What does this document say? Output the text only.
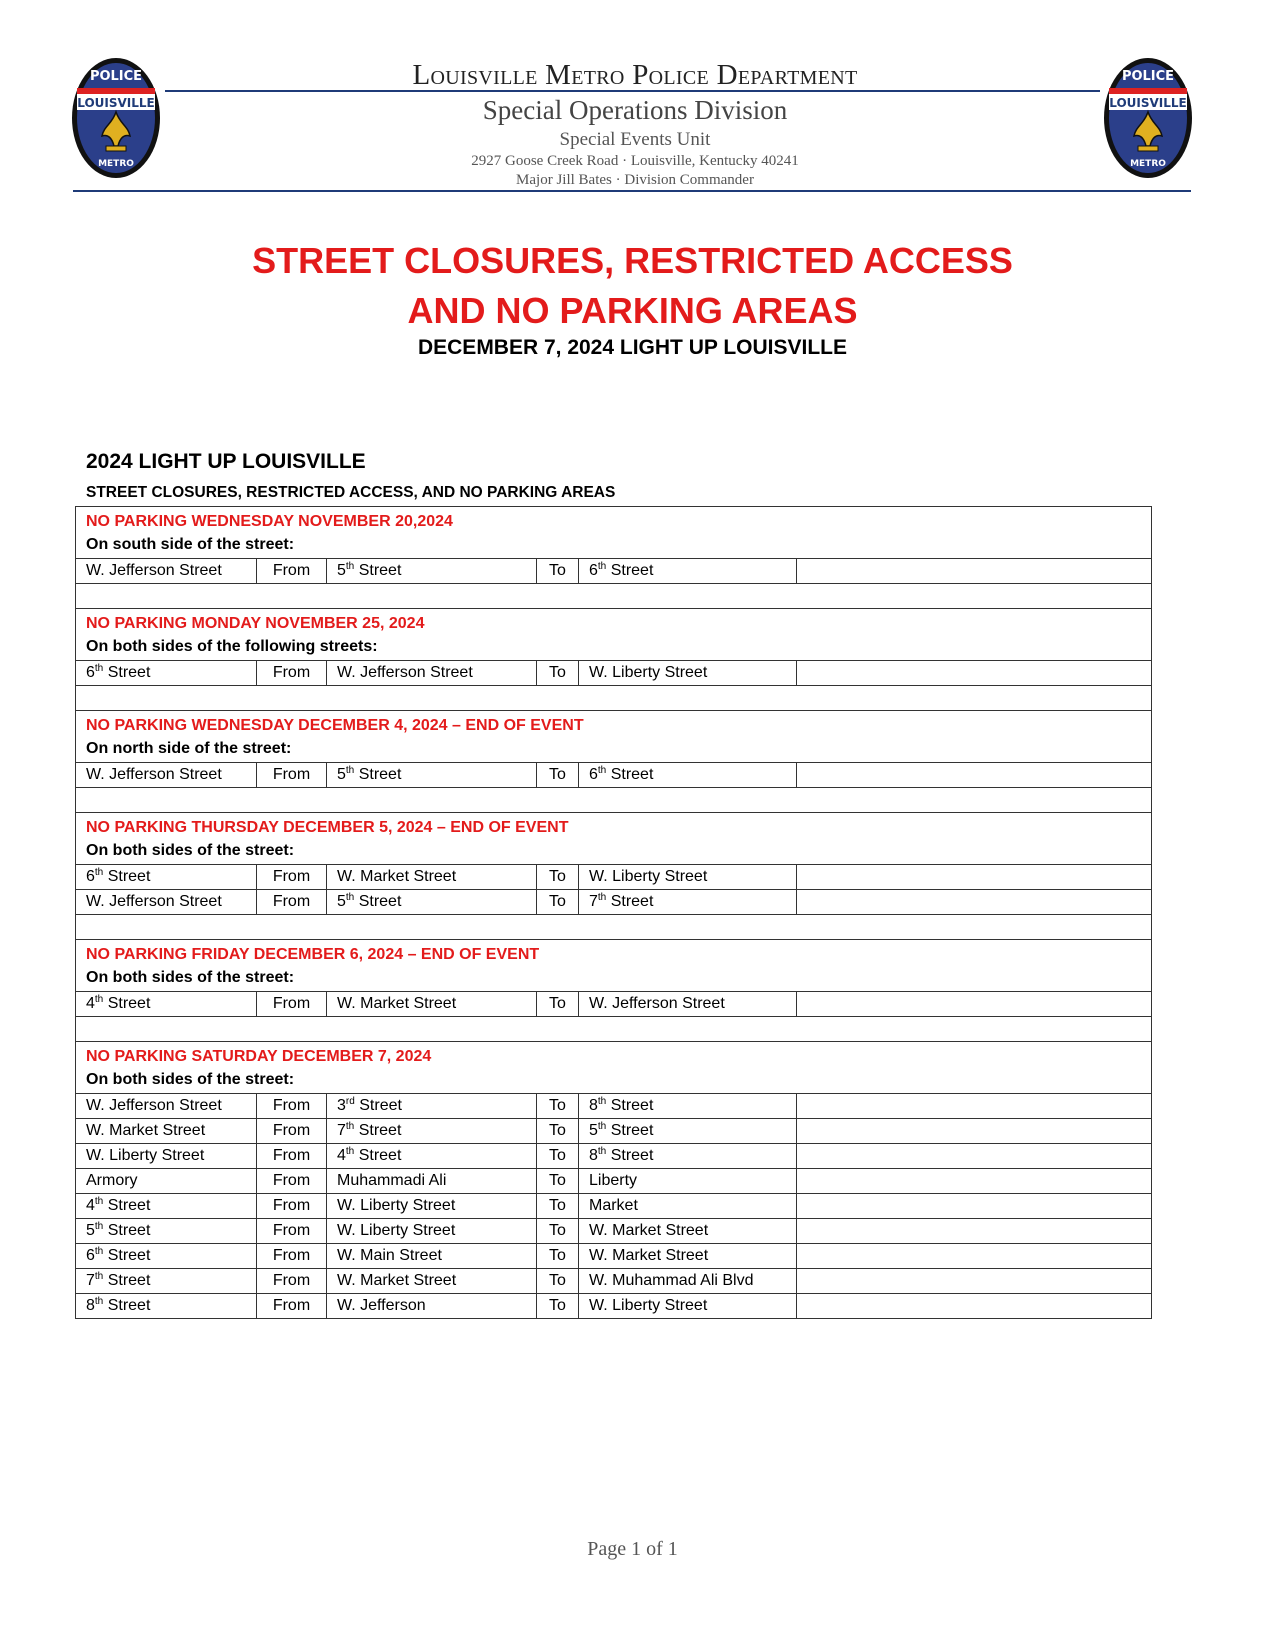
LOUISVILLE
POLICE
METRO
LOUISVILLE
POLICE
METRO
Louisville Metro Police Department
Special Operations Division
Special Events Unit
2927 Goose Creek Road · Louisville, Kentucky 40241
Major Jill Bates · Division Commander
STREET CLOSURES, RESTRICTED ACCESS
AND NO PARKING AREAS
DECEMBER 7, 2024 LIGHT UP LOUISVILLE
2024 LIGHT UP LOUISVILLE
STREET CLOSURES, RESTRICTED ACCESS, AND NO PARKING AREAS
NO PARKING WEDNESDAY NOVEMBER 20,2024
On south side of the street:					

W. Jefferson Street	From	5th Street	To	6th Street	

NO PARKING MONDAY NOVEMBER 25, 2024
On both sides of the following streets:					

6th Street	From	W. Jefferson Street	To	W. Liberty Street	

NO PARKING WEDNESDAY DECEMBER 4, 2024 – END OF EVENT
On north side of the street:					

W. Jefferson Street	From	5th Street	To	6th Street	

NO PARKING THURSDAY DECEMBER 5, 2024 – END OF EVENT
On both sides of the street:					

6th Street	From	W. Market Street	To	W. Liberty Street	
W. Jefferson Street	From	5th Street	To	7th Street	

NO PARKING FRIDAY DECEMBER 6, 2024 – END OF EVENT
On both sides of the street:					

4th Street	From	W. Market Street	To	W. Jefferson Street	

NO PARKING SATURDAY DECEMBER 7, 2024
On both sides of the street:					

W. Jefferson Street	From	3rd Street	To	8th Street	
W. Market Street	From	7th Street	To	5th Street	
W. Liberty Street	From	4th Street	To	8th Street	
Armory	From	Muhammadi Ali	To	Liberty	
4th Street	From	W. Liberty Street	To	Market	
5th Street	From	W. Liberty Street	To	W. Market Street	
6th Street	From	W. Main Street	To	W. Market Street	
7th Street	From	W. Market Street	To	W. Muhammad Ali Blvd	
8th Street	From	W. Jefferson	To	W. Liberty Street	
Page 1 of 1
